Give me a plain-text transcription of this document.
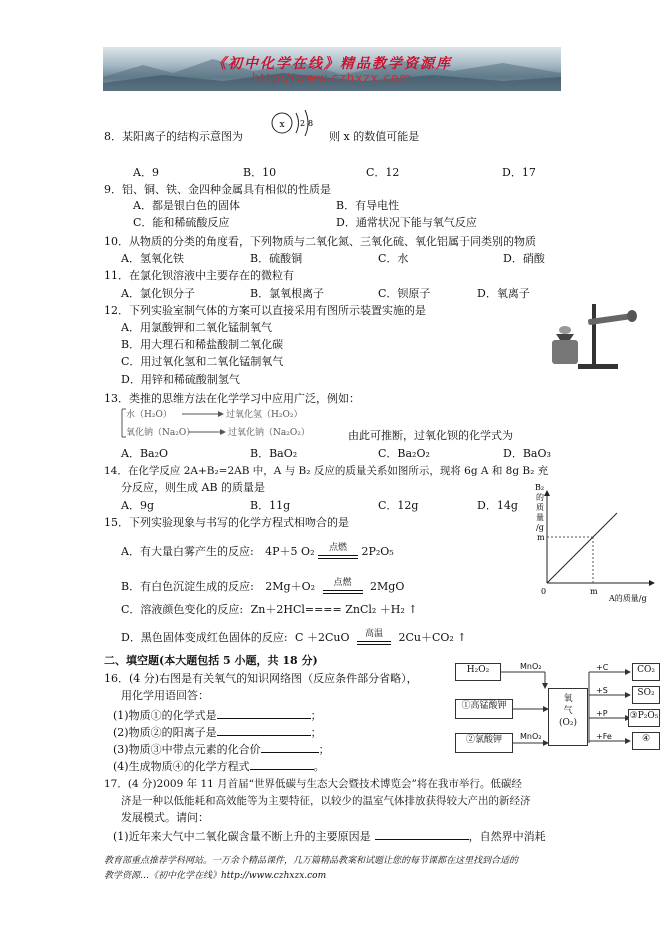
《初中化学在线》精品教学资源库
http://www.czhxzx.com
8．某阳离子的结构示意图为
x 2 8
则 x 的数值可能是
A．9	B．10	C．12	D．17
9．铝、铜、铁、金四种金属具有相似的性质是
A．都是银白色的固体	B．有导电性
C．能和稀硫酸反应	D．通常状况下能与氧气反应
10．从物质的分类的角度看，下列物质与二氧化氮、三氧化硫、氧化铝属于同类别的物质
A．氢氧化铁	B．硫酸铜	C．水	D．硝酸
11．在氯化钡溶液中主要存在的微粒有
A．氯化钡分子	B．氯氧根离子	C．钡原子	D．氧离子
12．下列实验室制气体的方案可以直接采用有图所示装置实施的是
A．用氯酸钾和二氧化锰制氧气
B．用大理石和稀盐酸制二氧化碳
C．用过氧化氢和二氧化锰制氧气
D．用锌和稀硫酸制氢气
13．类推的思维方法在化学学习中应用广泛，例如：
水（H₂O）	过氧化氢（H₂O₂）
氧化钠（Na₂O）	过氧化钠（Na₂O₂）	由此可推断，过氧化钡的化学式为
A．Ba₂O	B．BaO₂	C．Ba₂O₂	D．BaO₃
14．在化学反应 2A+B₂=2AB 中，A 与 B₂ 反应的质量关系如图所示，现将 6g A 和 8g B₂ 充
分反应，则生成 AB 的质量是
A．9g	B．11g	C．12g	D．14g
B₂
的
质
量
/g
m
0	m
A的质量/g
15．下列实验现象与书写的化学方程式相吻合的是
A．有大量白雾产生的反应: 4P＋5 O₂	点燃	2P₂O₅
B．有白色沉淀生成的反应: 2Mg＋O₂	点燃	2MgO
C．溶液颜色变化的反应: Zn＋2HCl==== ZnCl₂ ＋H₂ ↑
D．黑色固体变成红色固体的反应: C ＋2CuO	高温	2Cu＋CO₂ ↑
二、填空题(本大题包括 5 小题，共 18 分)
16．(4 分)右图是有关氧气的知识网络图（反应条件部分省略），
用化学用语回答：
(1)物质①的化学式是	；
(2)物质②的阳离子是	；
(3)物质③中带点元素的化合价	；
(4)生成物质④的化学方程式	。
H₂O₂
①高锰酸钾
②氯酸钾
MnO₂
MnO₂
氧
气
(O₂)
+C
+S
+P
+Fe
CO₂
SO₂
③P₂O₅
④
17．(4 分)2009 年 11 月首届“世界低碳与生态大会暨技术博览会”将在我市举行。低碳经
济是一种以低能耗和高效能等为主要特征，以较少的温室气体排放获得较大产出的新经济
发展模式。请问：
(1)近年来大气中二氧化碳含量不断上升的主要原因是	，自然界中消耗
教育部重点推荐学科网站。一万余个精品课件，几万篇精品教案和试题让您的每节课都在这里找到合适的
教学资源…《初中化学在线》http://www.czhxzx.com
